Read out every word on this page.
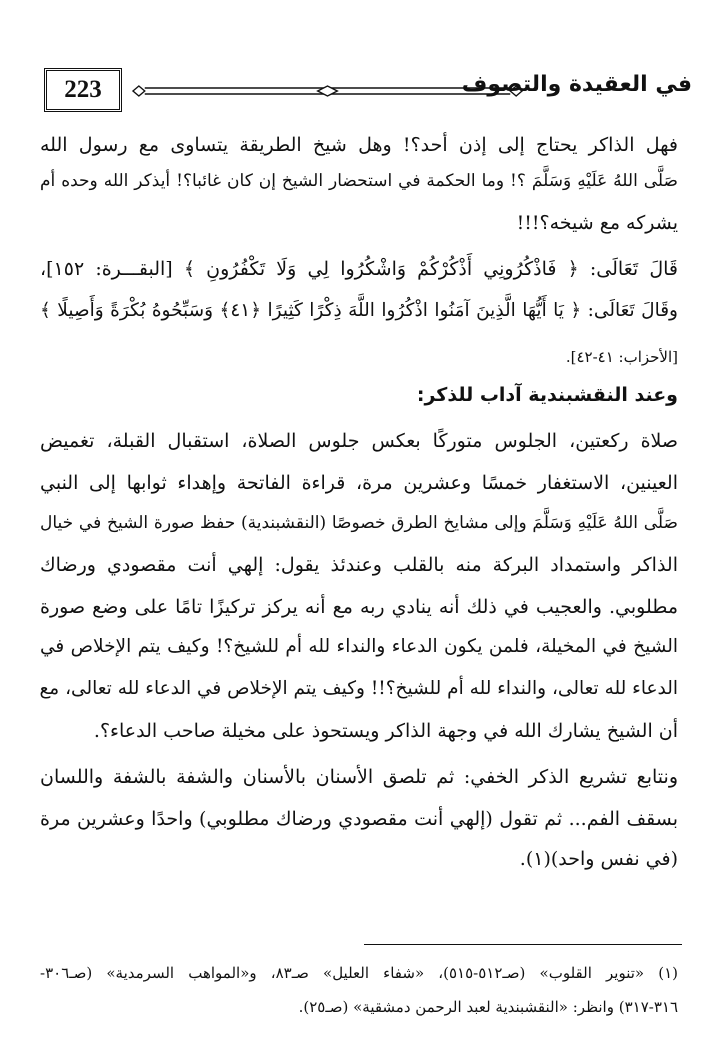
في العقيدة والتصوف
223
فهل الذاكر يحتاج إلى إذن أحد؟! وهل شيخ الطريقة يتساوى مع رسول الله
صَلَّى اللهُ عَلَيْهِ وَسَلَّمَ ؟! وما الحكمة في استحضار الشيخ إن كان غائبا؟! أيذكر الله وحده أم
يشركه مع شيخه؟!!!
قَالَ تَعَالَى: ﴿ فَاذْكُرُونِي أَذْكُرْكُمْ وَاشْكُرُوا لِي وَلَا تَكْفُرُونِ ﴾ [البقـــرة: ١٥٢]،
وقَالَ تَعَالَى: ﴿ يَا أَيُّهَا الَّذِينَ آمَنُوا اذْكُرُوا اللَّهَ ذِكْرًا كَثِيرًا ﴿٤١﴾ وَسَبِّحُوهُ بُكْرَةً وَأَصِيلًا ﴾
[الأحزاب: ٤١-٤٢].
وعند النقشبندية آداب للذكر:
صلاة ركعتين، الجلوس متوركًا بعكس جلوس الصلاة، استقبال القبلة، تغميض
العينين، الاستغفار خمسًا وعشرين مرة، قراءة الفاتحة وإهداء ثوابها إلى النبي
صَلَّى اللهُ عَلَيْهِ وَسَلَّمَ وإلى مشايخ الطرق خصوصًا (النقشبندية) حفظ صورة الشيخ في خيال
الذاكر واستمداد البركة منه بالقلب وعندئذ يقول: إلهي أنت مقصودي ورضاك
مطلوبي. والعجيب في ذلك أنه ينادي ربه مع أنه يركز تركيزًا تامًا على وضع صورة
الشيخ في المخيلة، فلمن يكون الدعاء والنداء لله أم للشيخ؟! وكيف يتم الإخلاص في
الدعاء لله تعالى، والنداء لله أم للشيخ؟!! وكيف يتم الإخلاص في الدعاء لله تعالى، مع
أن الشيخ يشارك الله في وجهة الذاكر ويستحوذ على مخيلة صاحب الدعاء؟.
ونتابع تشريع الذكر الخفي: ثم تلصق الأسنان بالأسنان والشفة بالشفة واللسان
بسقف الفم... ثم تقول (إلهي أنت مقصودي ورضاك مطلوبي) واحدًا وعشرين مرة
(في نفس واحد)(١).
(١) «تنوير القلوب» (صـ٥١٢-٥١٥)، «شفاء العليل» صـ٨٣، و«المواهب السرمدية» (صـ٣٠٦-
٣١٦-٣١٧) وانظر: «النقشبندية لعبد الرحمن دمشقية» (صـ٢٥).
